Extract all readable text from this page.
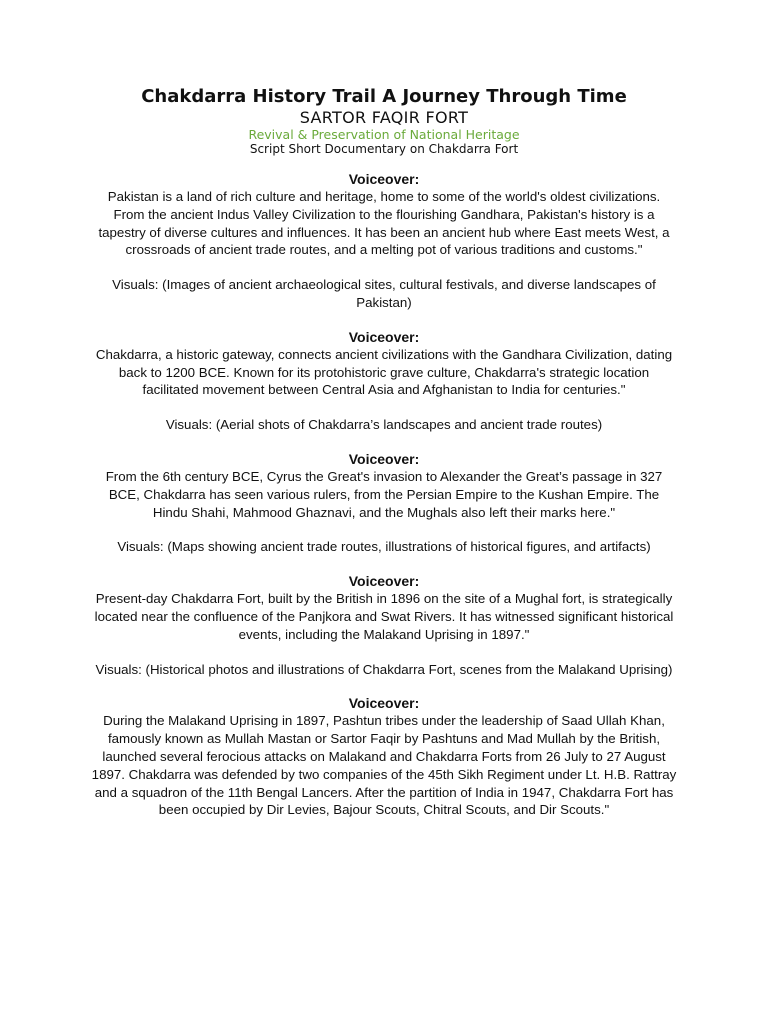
Chakdarra History Trail A Journey Through Time

SARTOR FAQIR FORT

Revival & Preservation of National Heritage

Script Short Documentary on Chakdarra Fort

Voiceover:

Pakistan is a land of rich culture and heritage, home to some of the world's oldest civilizations. From the ancient Indus Valley Civilization to the flourishing Gandhara, Pakistan's history is a tapestry of diverse cultures and influences. It has been an ancient hub where East meets West, a crossroads of ancient trade routes, and a melting pot of various traditions and customs."

Visuals: (Images of ancient archaeological sites, cultural festivals, and diverse landscapes of Pakistan)

Voiceover:

Chakdarra, a historic gateway, connects ancient civilizations with the Gandhara Civilization, dating back to 1200 BCE. Known for its protohistoric grave culture, Chakdarra's strategic location facilitated movement between Central Asia and Afghanistan to India for centuries."

Visuals: (Aerial shots of Chakdarra’s landscapes and ancient trade routes)

Voiceover:

From the 6th century BCE, Cyrus the Great's invasion to Alexander the Great’s passage in 327 BCE, Chakdarra has seen various rulers, from the Persian Empire to the Kushan Empire. The Hindu Shahi, Mahmood Ghaznavi, and the Mughals also left their marks here."

Visuals: (Maps showing ancient trade routes, illustrations of historical figures, and artifacts)

Voiceover:

Present-day Chakdarra Fort, built by the British in 1896 on the site of a Mughal fort, is strategically located near the confluence of the Panjkora and Swat Rivers. It has witnessed significant historical events, including the Malakand Uprising in 1897."

Visuals: (Historical photos and illustrations of Chakdarra Fort, scenes from the Malakand Uprising)

Voiceover:

During the Malakand Uprising in 1897, Pashtun tribes under the leadership of Saad Ullah Khan, famously known as Mullah Mastan or Sartor Faqir by Pashtuns and Mad Mullah by the British, launched several ferocious attacks on Malakand and Chakdarra Forts from 26 July to 27 August 1897. Chakdarra was defended by two companies of the 45th Sikh Regiment under Lt. H.B. Rattray and a squadron of the 11th Bengal Lancers. After the partition of India in 1947, Chakdarra Fort has been occupied by Dir Levies, Bajour Scouts, Chitral Scouts, and Dir Scouts."
